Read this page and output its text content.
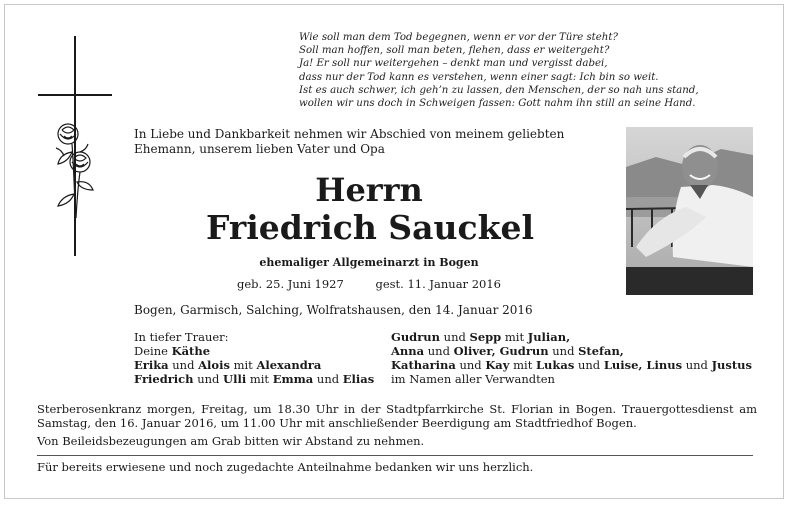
Wie soll man dem Tod begegnen, wenn er vor der Türe steht?
Soll man hoffen, soll man beten, flehen, dass er weitergeht?
Ja! Er soll nur weitergehen – denkt man und vergisst dabei,
dass nur der Tod kann es verstehen, wenn einer sagt: Ich bin so weit.
Ist es auch schwer, ich geh’n zu lassen, den Menschen, der so nah uns stand,
wollen wir uns doch in Schweigen fassen: Gott nahm ihn still an seine Hand.
In Liebe und Dankbarkeit nehmen wir Abschied von meinem geliebten
Ehemann, unserem lieben Vater und Opa
Herrn
Friedrich Sauckel
ehemaliger Allgemeinarzt in Bogen
geb. 25. Juni 1927	gest. 11. Januar 2016
Bogen, Garmisch, Salching, Wolfratshausen, den 14. Januar 2016
In tiefer Trauer:
Deine Käthe
Erika und Alois mit Alexandra
Friedrich und Ulli mit Emma und Elias
Gudrun und Sepp mit Julian,
Anna und Oliver, Gudrun und Stefan,
Katharina und Kay mit Lukas und Luise, Linus und Justus
im Namen aller Verwandten
Sterberosenkranz morgen, Freitag, um 18.30 Uhr in der Stadtpfarrkirche St. Florian in Bogen. Trauergottesdienst am Samstag, den 16. Januar 2016, um 11.00 Uhr mit anschließender Beerdigung am Stadtfriedhof Bogen.
Von Beileidsbezeugungen am Grab bitten wir Abstand zu nehmen.
Für bereits erwiesene und noch zugedachte Anteilnahme bedanken wir uns herzlich.
